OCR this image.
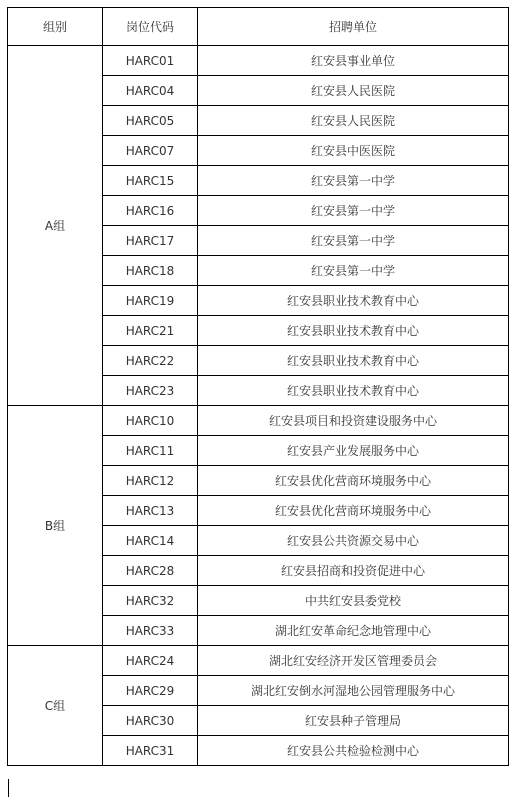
组别	岗位代码	招聘单位
A组	HARC01	红安县事业单位
	HARC04	红安县人民医院
	HARC05	红安县人民医院
	HARC07	红安县中医医院
	HARC15	红安县第一中学
	HARC16	红安县第一中学
	HARC17	红安县第一中学
	HARC18	红安县第一中学
	HARC19	红安县职业技术教育中心
	HARC21	红安县职业技术教育中心
	HARC22	红安县职业技术教育中心
	HARC23	红安县职业技术教育中心
B组	HARC10	红安县项目和投资建设服务中心
	HARC11	红安县产业发展服务中心
	HARC12	红安县优化营商环境服务中心
	HARC13	红安县优化营商环境服务中心
	HARC14	红安县公共资源交易中心
	HARC28	红安县招商和投资促进中心
	HARC32	中共红安县委党校
	HARC33	湖北红安革命纪念地管理中心
C组	HARC24	湖北红安经济开发区管理委员会
	HARC29	湖北红安倒水河湿地公园管理服务中心
	HARC30	红安县种子管理局
	HARC31	红安县公共检验检测中心
